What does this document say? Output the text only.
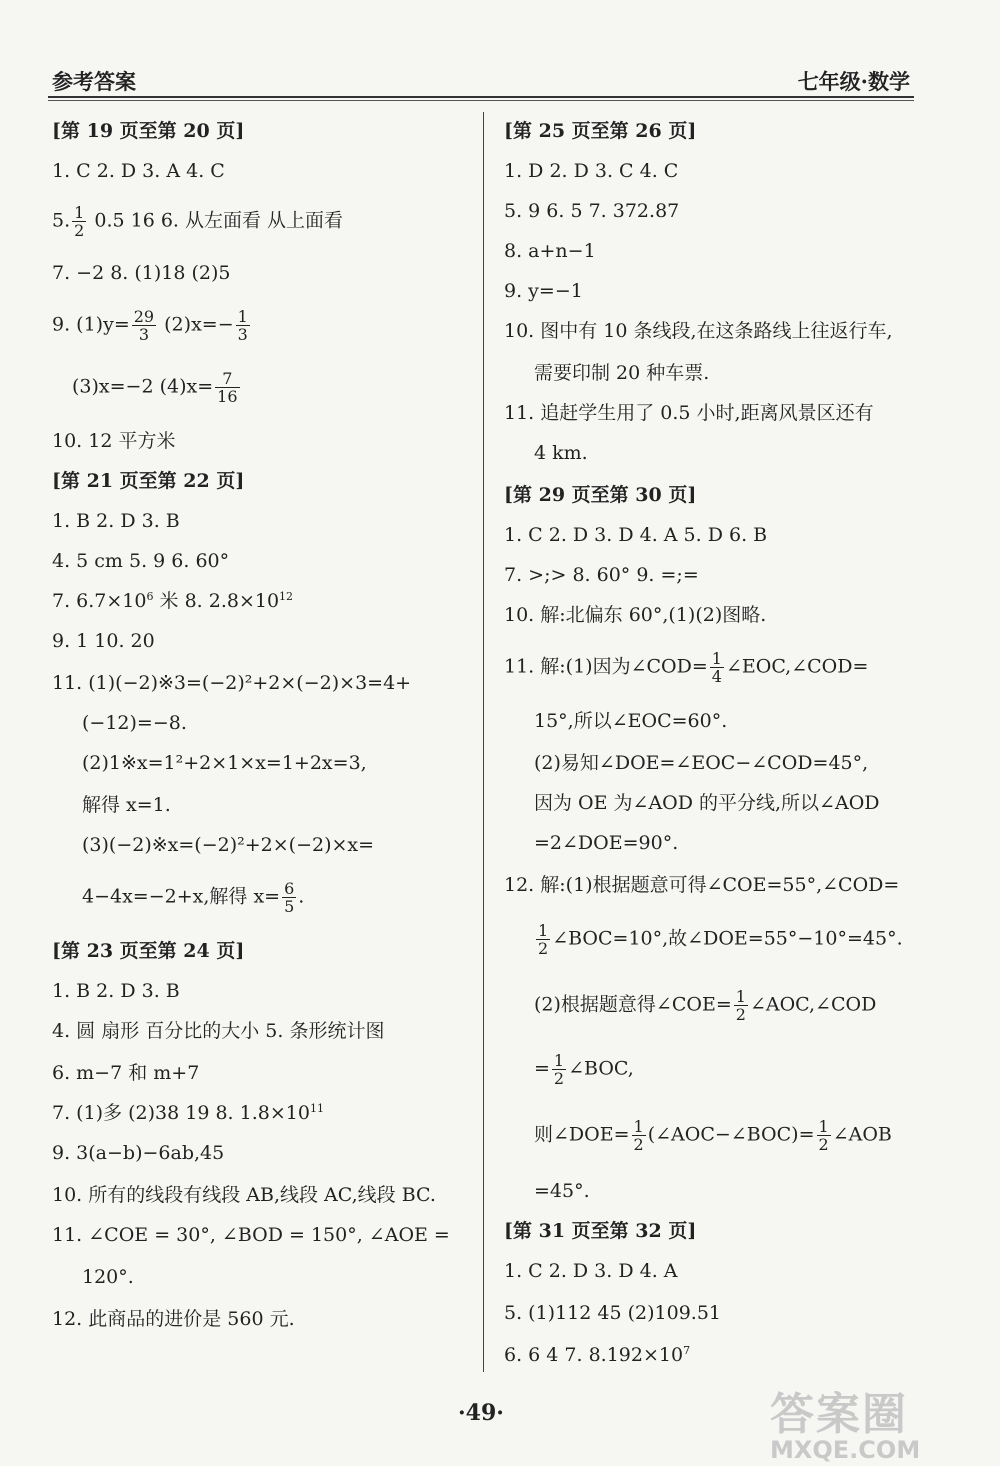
参考答案	七年级·数学
[第 19 页至第 20 页]
1. C 2. D 3. A 4. C
5. $\frac{1}{2} 0.5$ 16 6. 从左面看 从上面看
7. −2 8. (1)18 (2)5
9. $(1)y= \frac{29}{3} (2)x=- \frac{1}{3}$
(3)x=−2 $(4)x= \frac{7}{16}$
10. 12 平方米
[第 21 页至第 22 页]
1. B 2. D 3. B
4. 5 cm 5. 9 6. 60°
7. $6.7\times 10^6$ 米 8. $2.8\times 10^{12}$
9. 1 10. 20
11. (1)(−2)※3=(−2)²+2×(−2)×3=4+
(−12)=−8.
(2)1※x=1²+2×1×x=1+2x=3,
解得 x=1.
(3)(−2)※x=(−2)²+2×(−2)×x=
4−4x=−2+x,解得 $x= \frac{6}{5}$ .
[第 23 页至第 24 页]
1. B 2. D 3. B
4. 圆 扇形 百分比的大小 5. 条形统计图
6. m−7 和 m+7
7. (1)多 (2)38 19 8. $1.8\times 10^{11}$
9. 3(a−b)−6ab,45
10. 所有的线段有线段 AB,线段 AC,线段 BC.
11. ∠COE = 30°, ∠BOD = 150°, ∠AOE =
120°.
12. 此商品的进价是 560 元.
[第 25 页至第 26 页]
1. D 2. D 3. C 4. C
5. 9 6. 5 7. 372.87
8. a+n−1
9. y=−1
10. 图中有 10 条线段,在这条路线上往返行车,
需要印制 20 种车票.
11. 追赶学生用了 0.5 小时,距离风景区还有
4 km.
[第 29 页至第 30 页]
1. C 2. D 3. D 4. A 5. D 6. B
7. >;> 8. 60° 9. =;=
10. 解:北偏东 60°,(1)(2)图略.
11. 解:(1)因为∠COD= $\frac{1}{4}$ ∠EOC,∠COD=
15°,所以∠EOC=60°.
(2)易知∠DOE=∠EOC−∠COD=45°,
因为 OE 为∠AOD 的平分线,所以∠AOD
=2∠DOE=90°.
12. 解:(1)根据题意可得∠COE=55°,∠COD=
$\frac{1}{2}$ ∠BOC=10°,故∠DOE=55°−10°=45°.
(2)根据题意得∠COE= $\frac{1}{2}$ ∠AOC,∠COD
= $\frac{1}{2}$ ∠BOC,
则∠DOE= $\frac{1}{2}$ (∠AOC−∠BOC)= $\frac{1}{2}$ ∠AOB
=45°.
[第 31 页至第 32 页]
1. C 2. D 3. D 4. A
5. (1)112 45 (2)109.51
6. 6 4 7. $8.192\times 10^7$
·49·	答案圈
MXQE.COM
